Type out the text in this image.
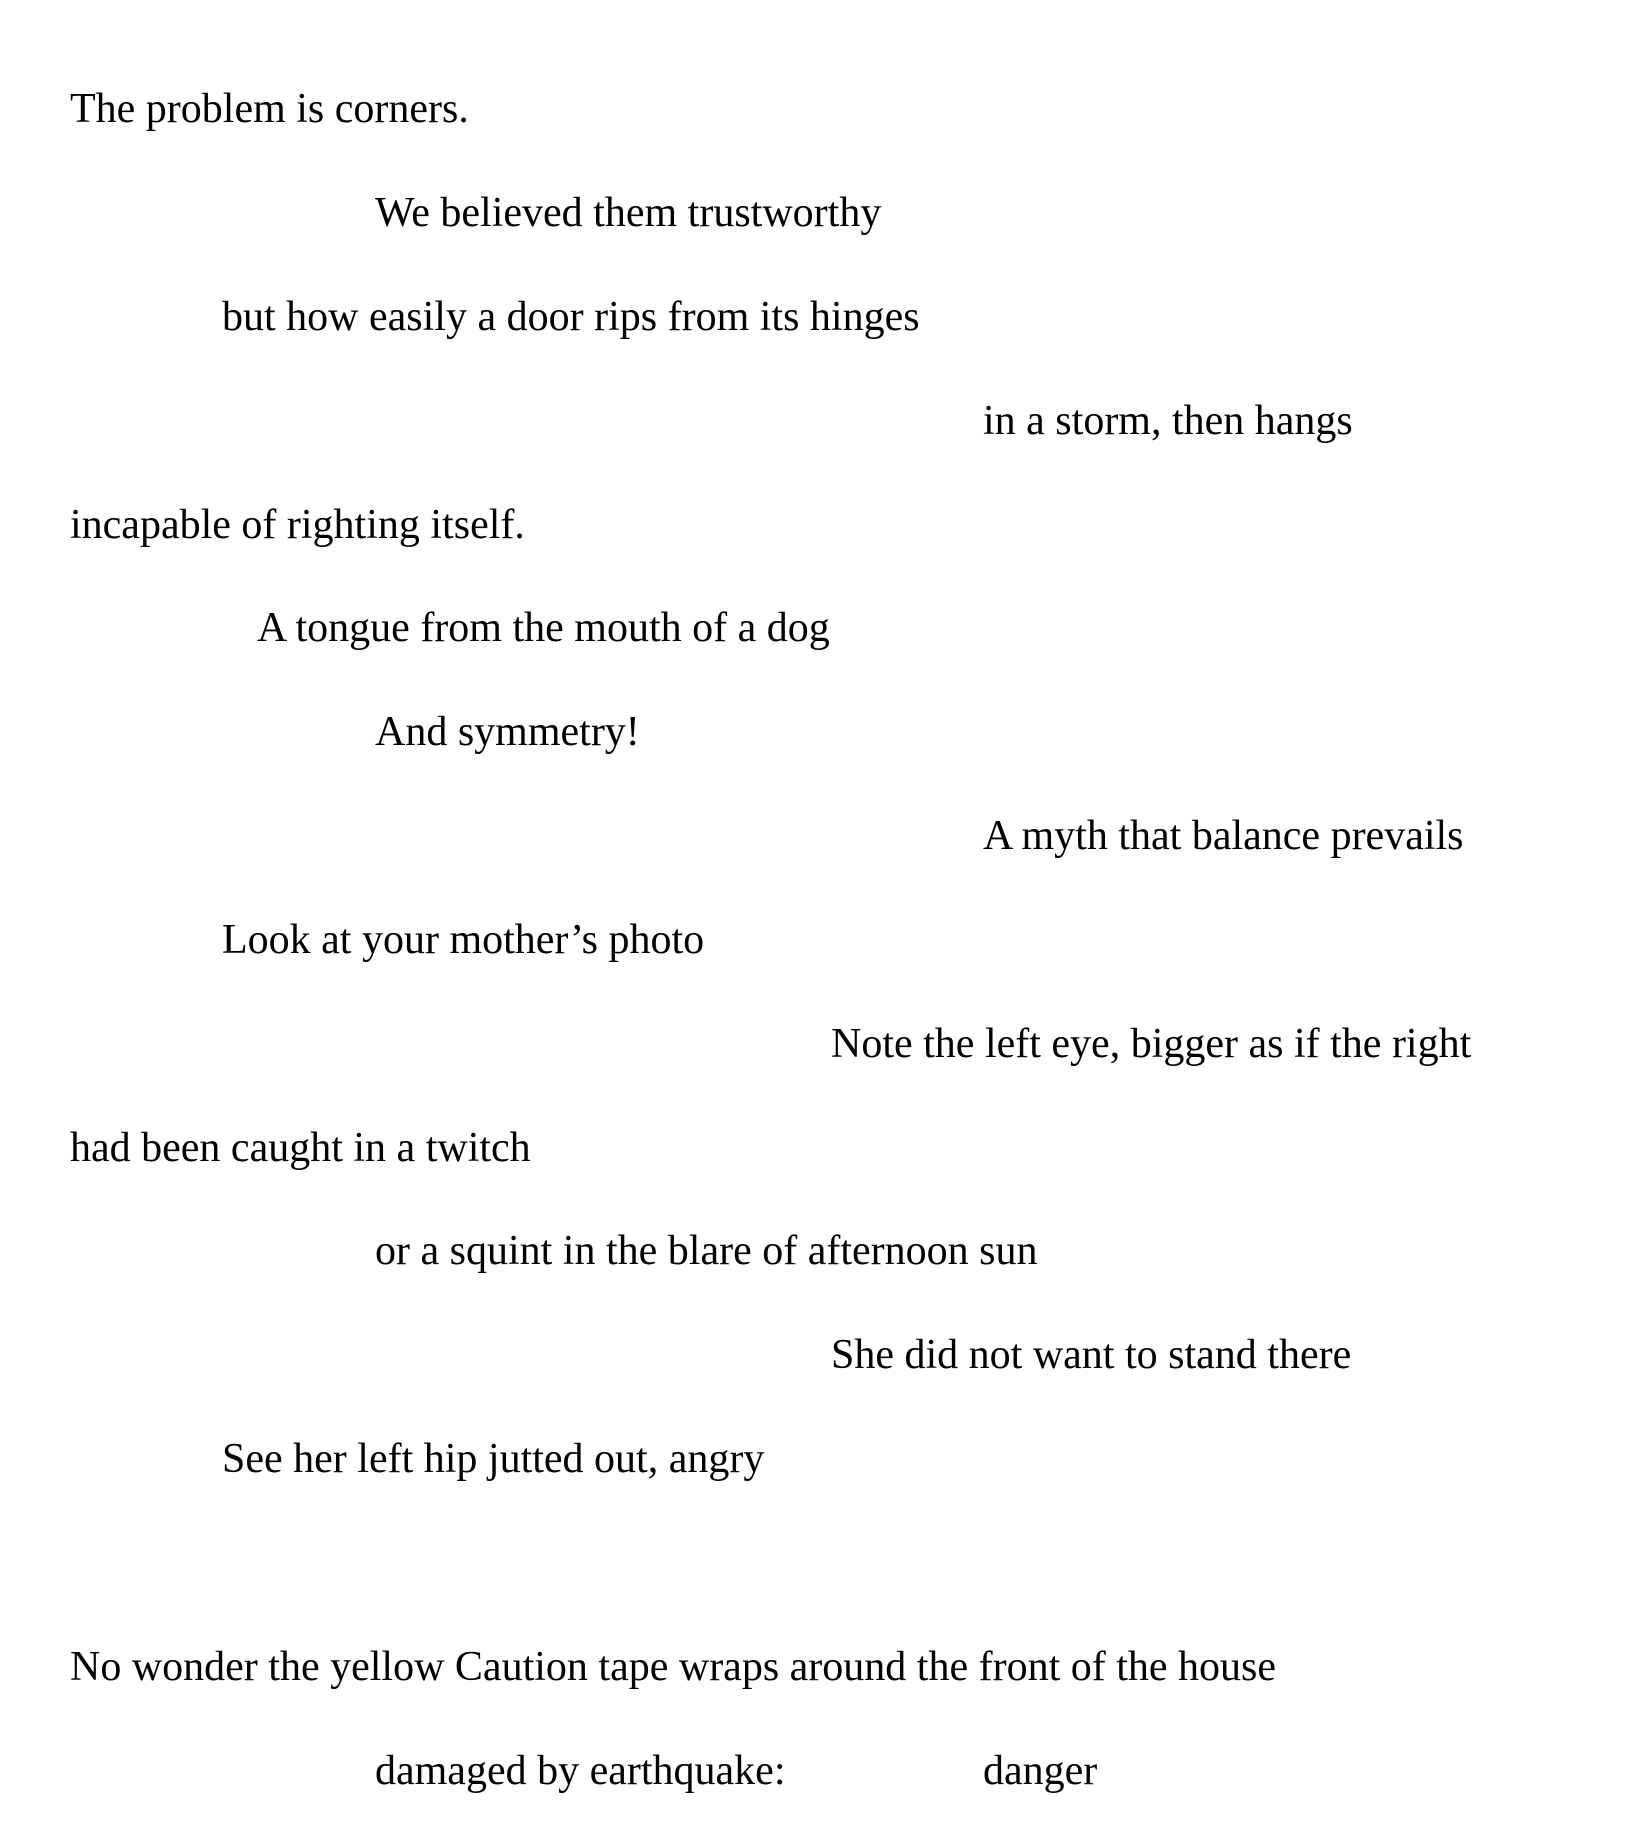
The problem is corners.

We believed them trustworthy

but how easily a door rips from its hinges

in a storm, then hangs

incapable of righting itself.

A tongue from the mouth of a dog

And symmetry!

A myth that balance prevails

Look at your mother’s photo

Note the left eye, bigger as if the right

had been caught in a twitch

or a squint in the blare of afternoon sun

She did not want to stand there

See her left hip jutted out, angry

No wonder the yellow Caution tape wraps around the front of the house

damaged by earthquake:	danger
